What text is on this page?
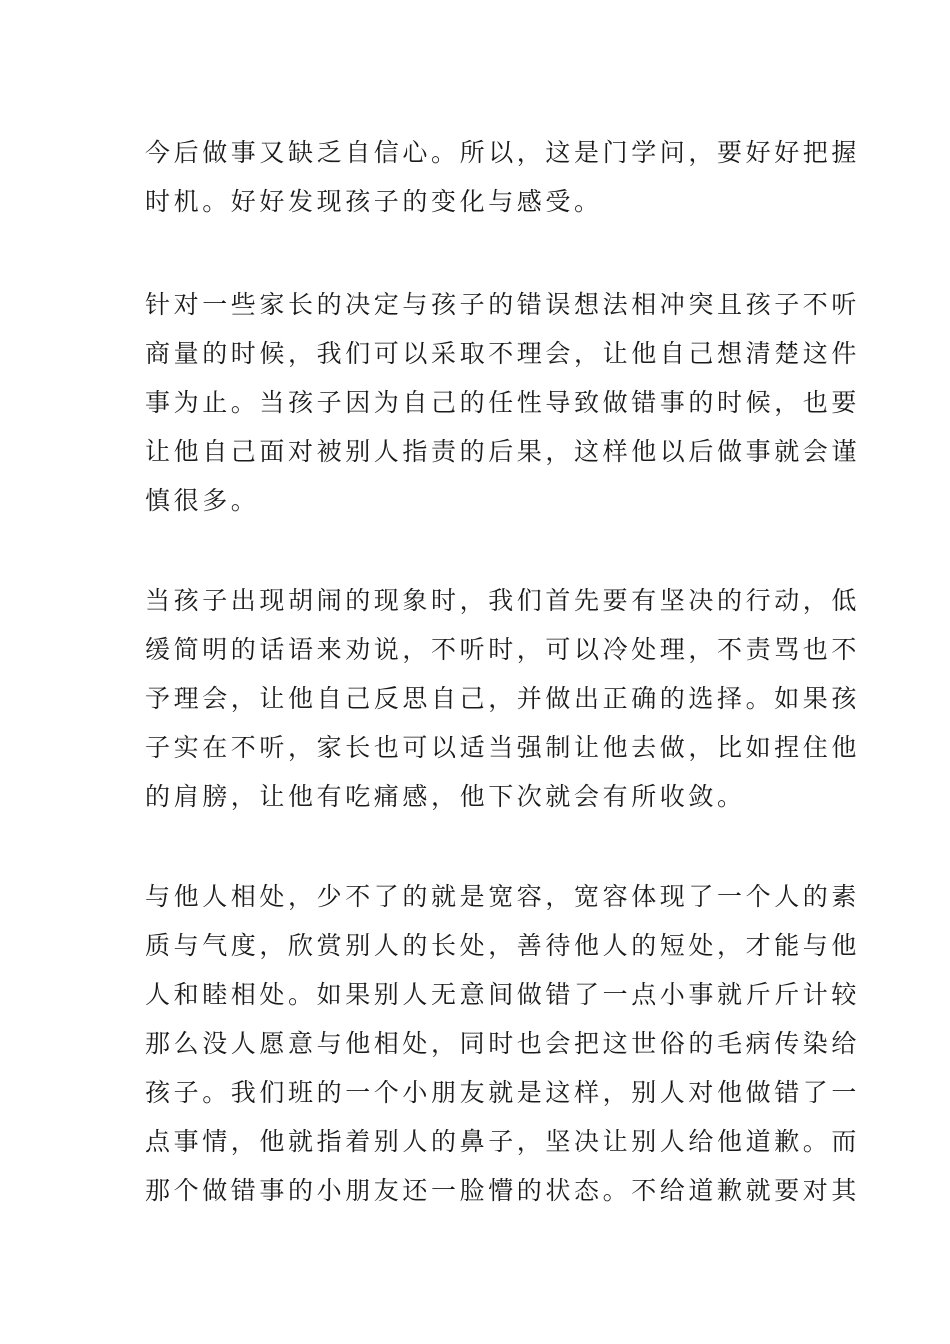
今后做事又缺乏自信心。所以，这是门学问，要好好把握
时机。好好发现孩子的变化与感受。

针对一些家长的决定与孩子的错误想法相冲突且孩子不听
商量的时候，我们可以采取不理会，让他自己想清楚这件
事为止。当孩子因为自己的任性导致做错事的时候，也要
让他自己面对被别人指责的后果，这样他以后做事就会谨
慎很多。

当孩子出现胡闹的现象时，我们首先要有坚决的行动，低
缓简明的话语来劝说，不听时，可以冷处理，不责骂也不
予理会，让他自己反思自己，并做出正确的选择。如果孩
子实在不听，家长也可以适当强制让他去做，比如捏住他
的肩膀，让他有吃痛感，他下次就会有所收敛。

与他人相处，少不了的就是宽容，宽容体现了一个人的素
质与气度，欣赏别人的长处，善待他人的短处，才能与他
人和睦相处。如果别人无意间做错了一点小事就斤斤计较
那么没人愿意与他相处，同时也会把这世俗的毛病传染给
孩子。我们班的一个小朋友就是这样，别人对他做错了一
点事情，他就指着别人的鼻子，坚决让别人给他道歉。而
那个做错事的小朋友还一脸懵的状态。不给道歉就要对其
